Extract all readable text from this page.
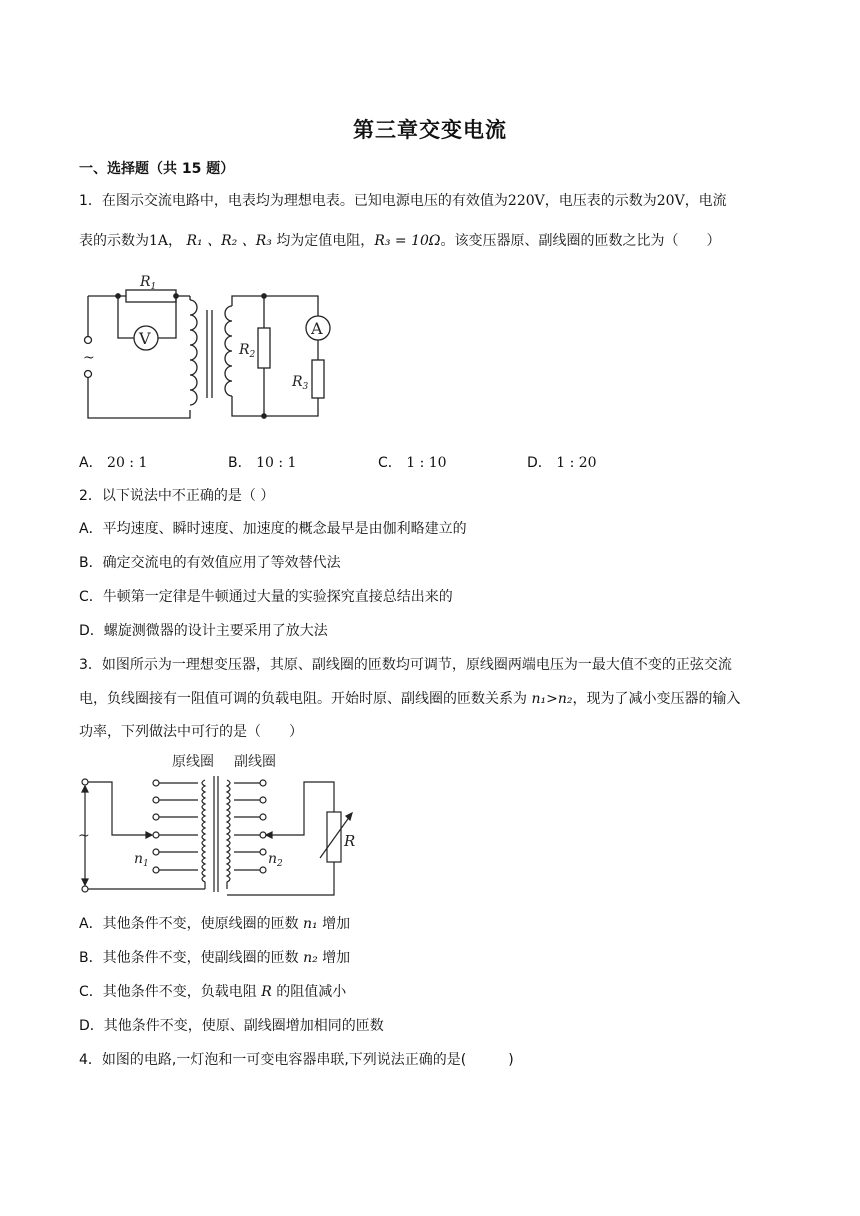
第三章交变电流
一、选择题（共 15 题）
1．在图示交流电路中，电表均为理想电表。已知电源电压的有效值为220V，电压表的示数为20V，电流
表的示数为1A， R₁ 、R₂ 、R₃ 均为定值电阻，R₃ = 10Ω。该变压器原、副线圈的匝数之比为（　　）
V
~	$R_2$
A
$R_3$
$R_1$
A． 20 : 1	B． 10 : 1	C． 1 : 10	D． 1 : 20
2．以下说法中不正确的是（ ）
A．平均速度、瞬时速度、加速度的概念最早是由伽利略建立的
B．确定交流电的有效值应用了等效替代法
C．牛顿第一定律是牛顿通过大量的实验探究直接总结出来的
D．螺旋测微器的设计主要采用了放大法
3．如图所示为一理想变压器，其原、副线圈的匝数均可调节，原线圈两端电压为一最大值不变的正弦交流
电，负线圈接有一阻值可调的负载电阻。开始时原、副线圈的匝数关系为 n₁>n₂，现为了减小变压器的输入
功率，下列做法中可行的是（　　）
原线圈 副线圈
~	R
$n_1$	$n_2$
A．其他条件不变，使原线圈的匝数 n₁ 增加
B．其他条件不变，使副线圈的匝数 n₂ 增加
C．其他条件不变，负载电阻 R 的阻值减小
D．其他条件不变，使原、副线圈增加相同的匝数
4．如图的电路,一灯泡和一可变电容器串联,下列说法正确的是(　　　)
